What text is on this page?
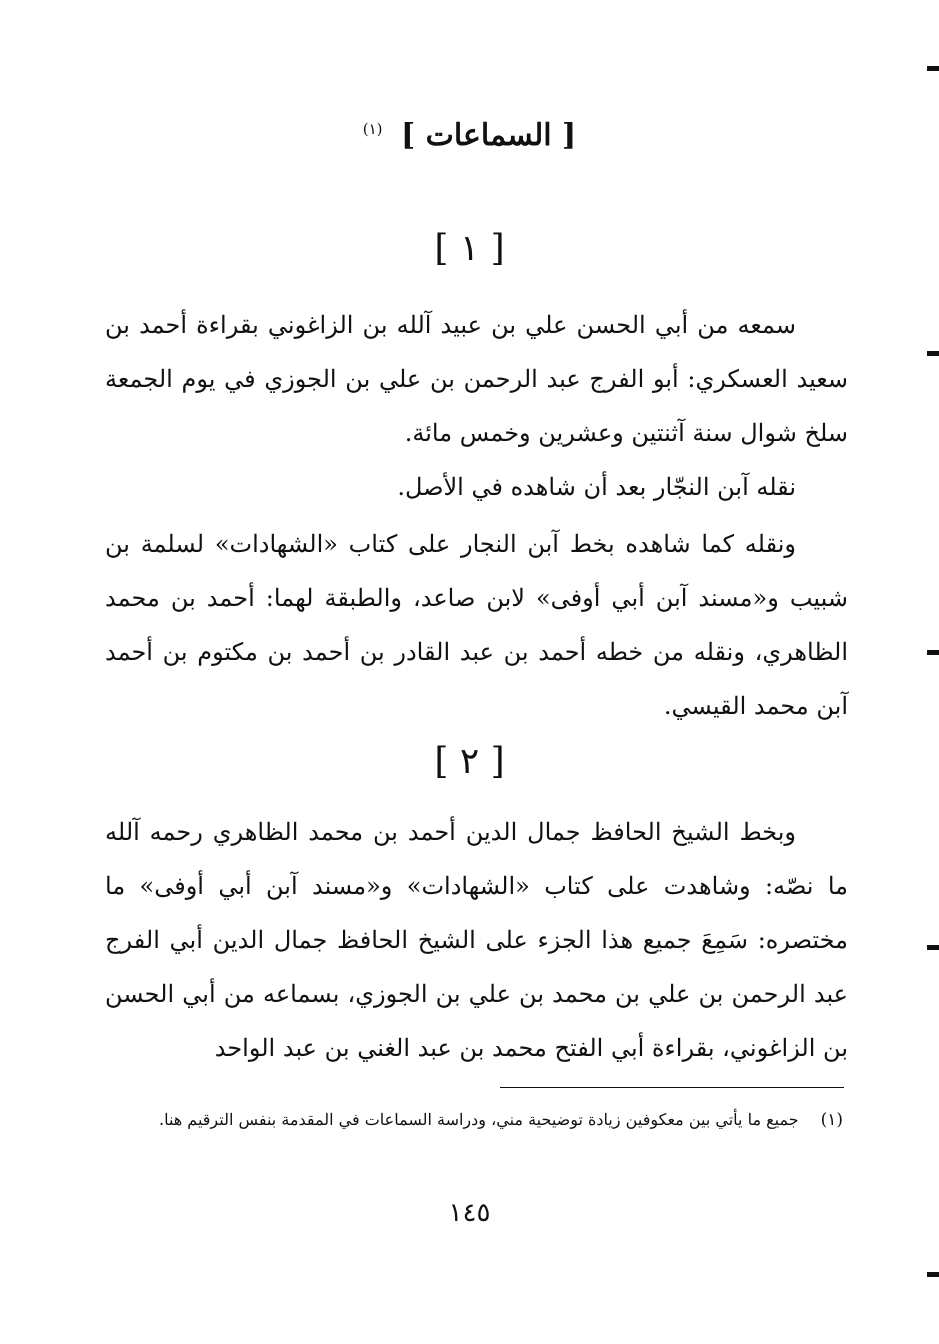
[ السماعات ] $^{(١)}$
[ ١ ]

سمعه من أبي الحسن علي بن عبيد آلله بن الزاغوني بقراءة أحمد بن سعيد العسكري: أبو الفرج عبد الرحمن بن علي بن الجوزي في يوم الجمعة سلخ شوال سنة آثنتين وعشرين وخمس مائة.

نقله آبن النجّار بعد أن شاهده في الأصل.

ونقله كما شاهده بخط آبن النجار على كتاب «الشهادات» لسلمة بن شبيب و«مسند آبن أبي أوفى» لابن صاعد، والطبقة لهما: أحمد بن محمد الظاهري، ونقله من خطه أحمد بن عبد القادر بن أحمد بن مكتوم بن أحمد آبن محمد القيسي.

[ ٢ ]

وبخط الشيخ الحافظ جمال الدين أحمد بن محمد الظاهري رحمه آلله ما نصّه: وشاهدت على كتاب «الشهادات» و«مسند آبن أبي أوفى» ما مختصره: سَمِعَ جميع هذا الجزء على الشيخ الحافظ جمال الدين أبي الفرج عبد الرحمن بن علي بن محمد بن علي بن الجوزي، بسماعه من أبي الحسن بن الزاغوني، بقراءة أبي الفتح محمد بن عبد الغني بن عبد الواحد

(١)
جميع ما يأتي بين معكوفين زيادة توضيحية مني، ودراسة السماعات في المقدمة بنفس الترقيم هنا.
١٤٥
